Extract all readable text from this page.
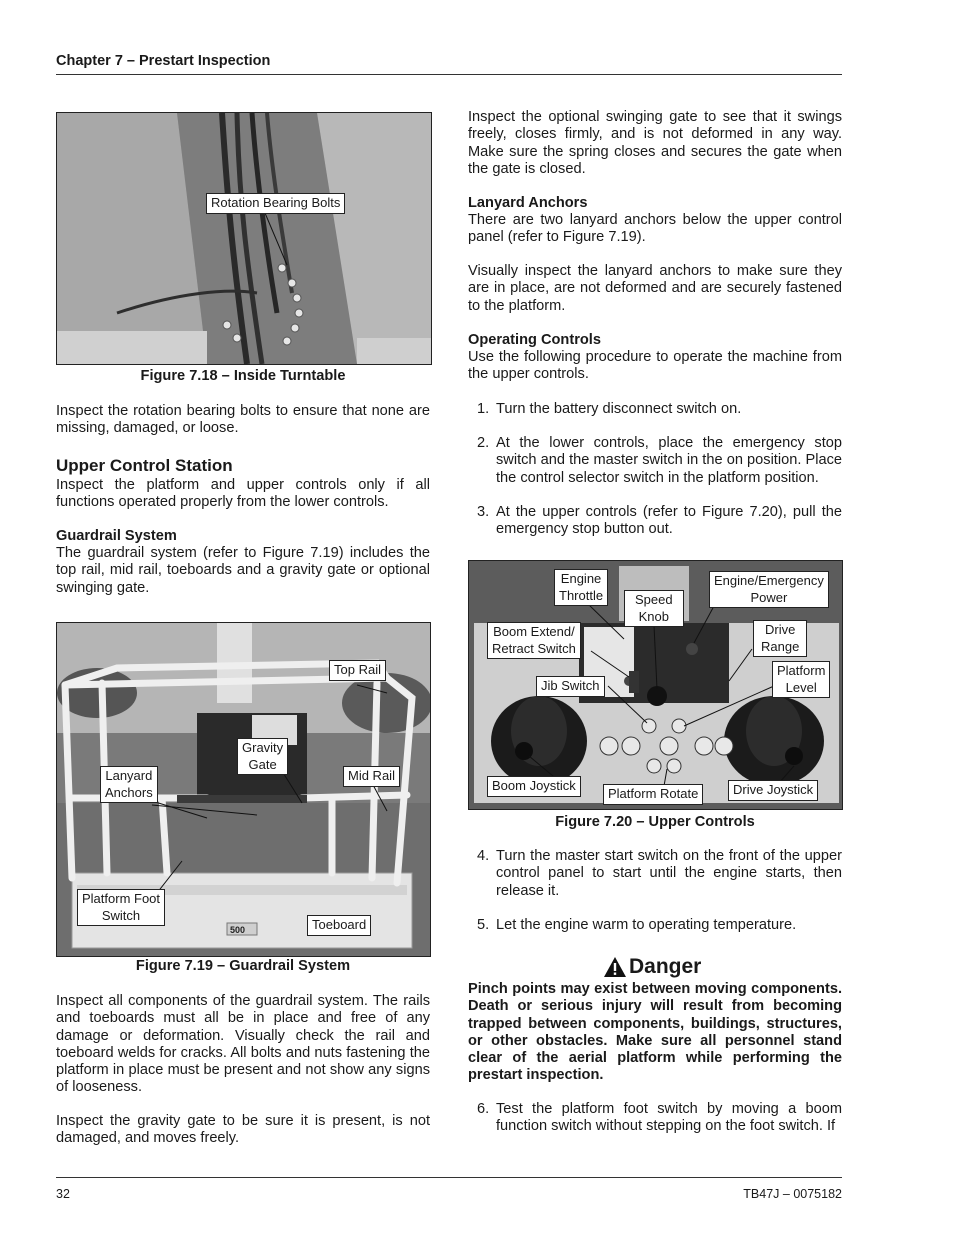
Chapter 7 – Prestart Inspection
Rotation Bearing Bolts
Figure 7.18 – Inside Turntable

Inspect the rotation bearing bolts to ensure that none are missing, damaged, or loose.

Upper Control Station

Inspect the platform and upper controls only if all functions operated properly from the lower controls.

Guardrail System

The guardrail system (refer to Figure 7.19) includes the top rail, mid rail, toeboards and a gravity gate or optional swinging gate.

500
Top Rail
Gravity
Gate
Lanyard
Anchors
Mid Rail
Platform Foot
Switch
Toeboard
Figure 7.19 – Guardrail System

Inspect all components of the guardrail system. The rails and toeboards must all be in place and free of any damage or deformation. Visually check the rail and toeboard welds for cracks. All bolts and nuts fastening the platform in place must be present and not show any signs of looseness.

Inspect the gravity gate to be sure it is present, is not damaged, and moves freely.

Inspect the optional swinging gate to see that it swings freely, closes firmly, and is not deformed in any way. Make sure the spring closes and secures the gate when the gate is closed.

Lanyard Anchors

There are two lanyard anchors below the upper control panel (refer to Figure 7.19).

Visually inspect the lanyard anchors to make sure they are in place, are not deformed and are securely fastened to the platform.

Operating Controls

Use the following procedure to operate the machine from the upper controls.

1. Turn the battery disconnect switch on.
2. At the lower controls, place the emergency stop switch and the master switch in the on position. Place the control selector switch in the platform position.
3. At the upper controls (refer to Figure 7.20), pull the emergency stop button out.
Engine
Throttle Speed
Knob
Engine/Emergency
Power
Boom Extend/
Retract Switch
Drive
Range
Platform
Level
Jib Switch
Boom Joystick
Platform Rotate	Drive Joystick
Figure 7.20 – Upper Controls
4. Turn the master start switch on the front of the upper control panel to start until the engine starts, then release it.
5. Let the engine warm to operating temperature.
Danger

Pinch points may exist between moving components. Death or serious injury will result from becoming trapped between components, buildings, structures, or other obstacles. Make sure all personnel stand clear of the aerial platform while performing the prestart inspection.

6. Test the platform foot switch by moving a boom function switch without stepping on the foot switch. If
32	TB47J – 0075182
